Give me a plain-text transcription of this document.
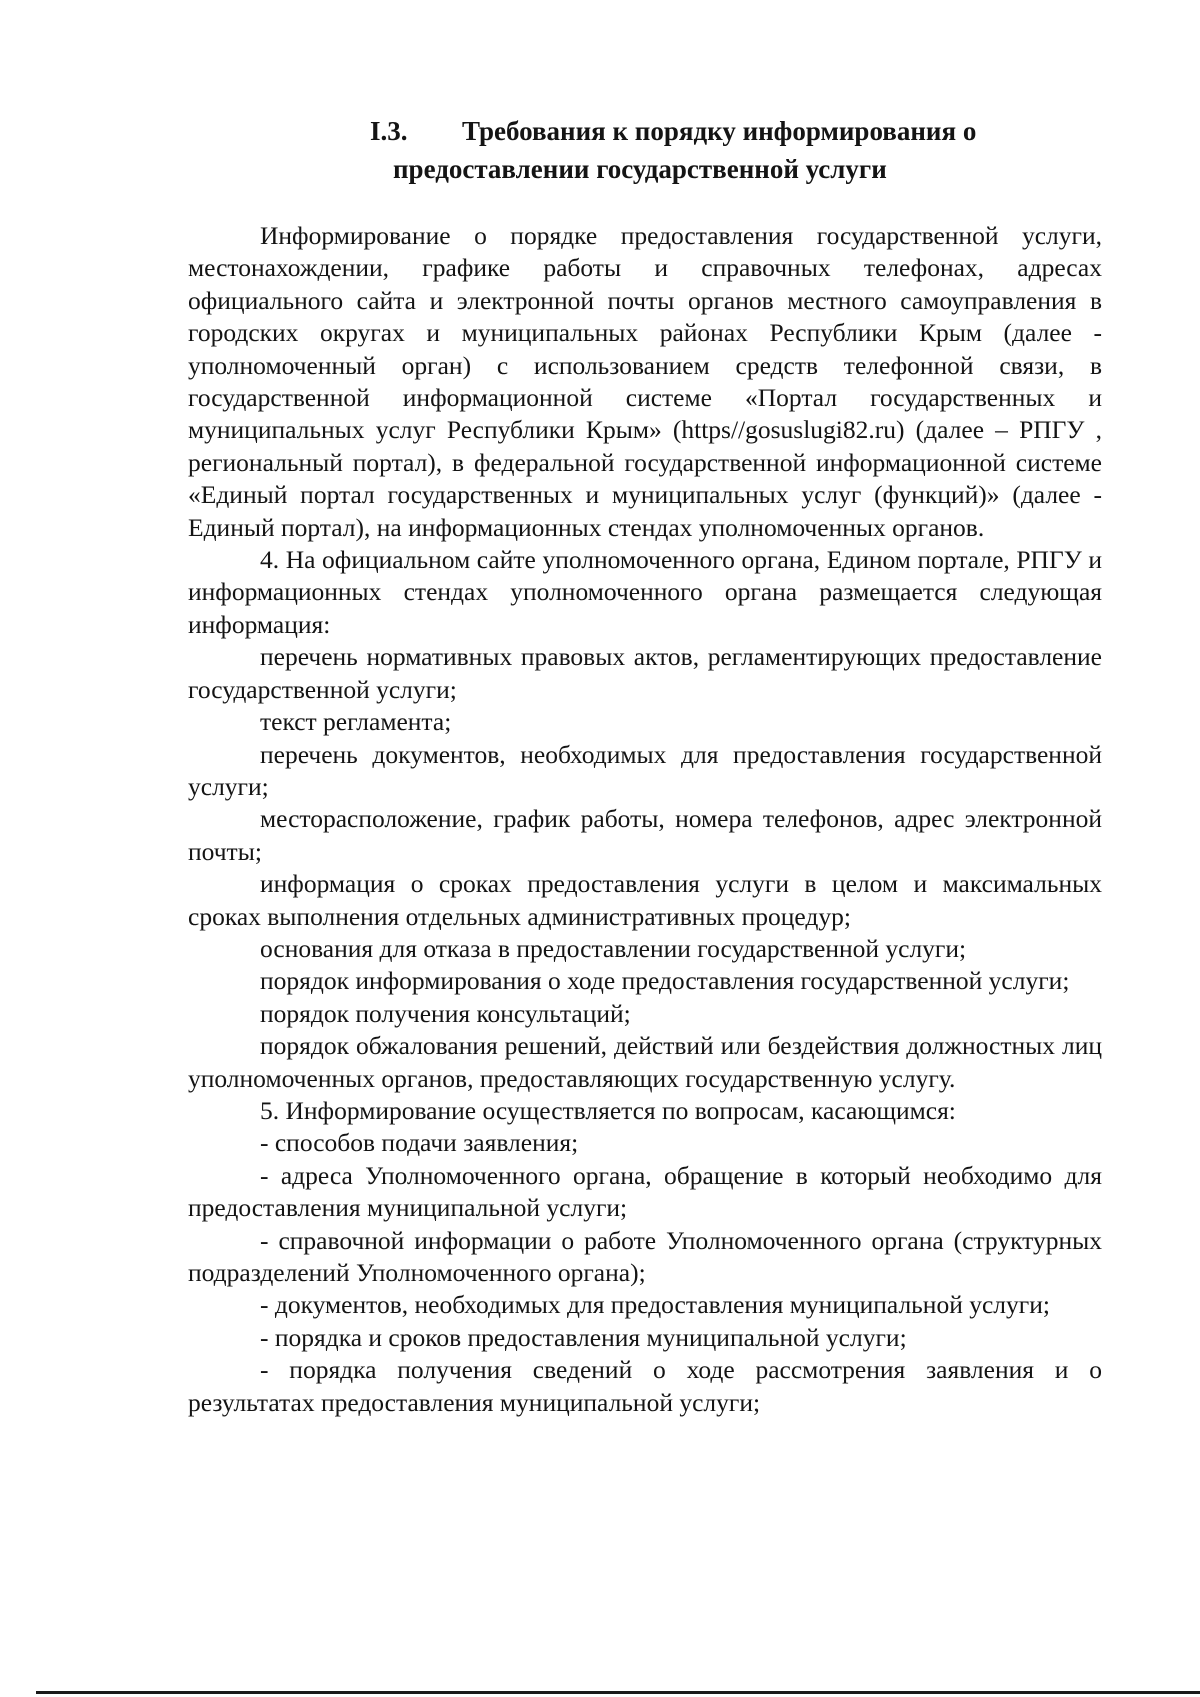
I.3. Требования к порядку информирования о
предоставлении государственной услуги

Информирование о порядке предоставления государственной услуги, местонахождении, графике работы и справочных телефонах, адресах официального сайта и электронной почты органов местного самоуправления в городских округах и муниципальных районах Республики Крым (далее - уполномоченный орган) с использованием средств телефонной связи, в государственной информационной системе «Портал государственных и муниципальных услуг Республики Крым» (https//gosuslugi82.ru) (далее – РПГУ , региональный портал), в федеральной государственной информационной системе «Единый портал государственных и муниципальных услуг (функций)» (далее - Единый портал), на информационных стендах уполномоченных органов.

4. На официальном сайте уполномоченного органа, Едином портале, РПГУ и информационных стендах уполномоченного органа размещается следующая информация:

перечень нормативных правовых актов, регламентирующих предоставление государственной услуги;

текст регламента;

перечень документов, необходимых для предоставления государственной услуги;

месторасположение, график работы, номера телефонов, адрес электронной почты;

информация о сроках предоставления услуги в целом и максимальных сроках выполнения отдельных административных процедур;

основания для отказа в предоставлении государственной услуги;

порядок информирования о ходе предоставления государственной услуги;

порядок получения консультаций;

порядок обжалования решений, действий или бездействия должностных лиц уполномоченных органов, предоставляющих государственную услугу.

5. Информирование осуществляется по вопросам, касающимся:

- способов подачи заявления;

- адреса Уполномоченного органа, обращение в который необходимо для предоставления муниципальной услуги;

- справочной информации о работе Уполномоченного органа (структурных подразделений Уполномоченного органа);

- документов, необходимых для предоставления муниципальной услуги;

- порядка и сроков предоставления муниципальной услуги;

- порядка получения сведений о ходе рассмотрения заявления и о результатах предоставления муниципальной услуги;
